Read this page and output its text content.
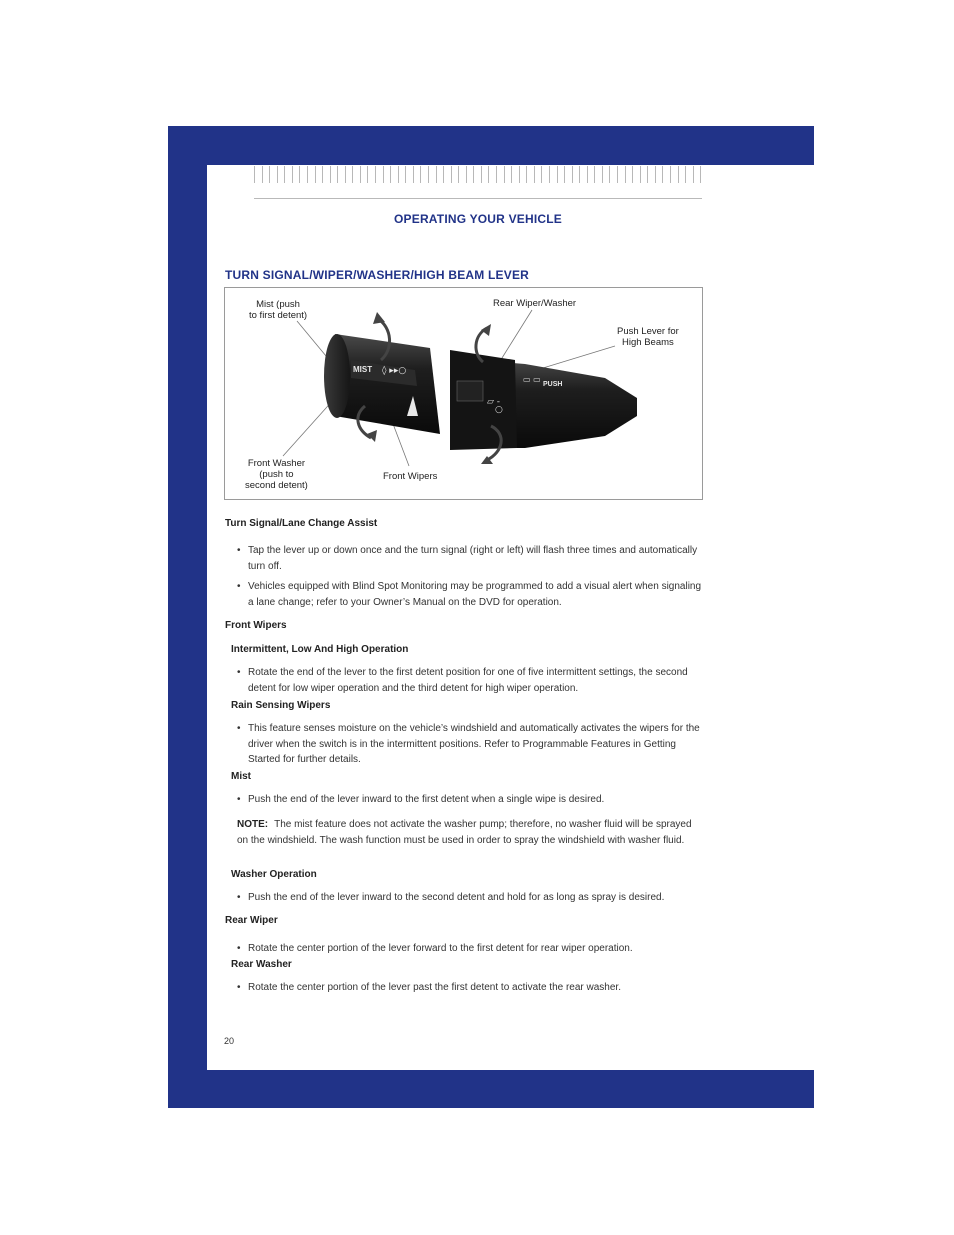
OPERATING YOUR VEHICLE
TURN SIGNAL/WIPER/WASHER/HIGH BEAM LEVER
MIST ◊ ▸▸○
▱ -
○
▭ ▭
PUSH
Mist (push
to first detent)
Rear Wiper/Washer
Push Lever for
High Beams
Front Washer
(push to
second detent)
Front Wipers
Turn Signal/Lane Change Assist
• Tap the lever up or down once and the turn signal (right or left) will flash three times and automatically turn off.
• Vehicles equipped with Blind Spot Monitoring may be programmed to add a visual alert when signaling a lane change; refer to your Owner’s Manual on the DVD for operation.
Front Wipers
Intermittent, Low And High Operation
• Rotate the end of the lever to the first detent position for one of five intermittent settings, the second detent for low wiper operation and the third detent for high wiper operation.
Rain Sensing Wipers
• This feature senses moisture on the vehicle’s windshield and automatically activates the wipers for the driver when the switch is in the intermittent positions. Refer to Programmable Features in Getting Started for further details.
Mist
• Push the end of the lever inward to the first detent when a single wipe is desired.
NOTE: The mist feature does not activate the washer pump; therefore, no washer fluid will be sprayed on the windshield. The wash function must be used in order to spray the windshield with washer fluid.
Washer Operation
• Push the end of the lever inward to the second detent and hold for as long as spray is desired.
Rear Wiper
• Rotate the center portion of the lever forward to the first detent for rear wiper operation.
Rear Washer
• Rotate the center portion of the lever past the first detent to activate the rear washer.
20
